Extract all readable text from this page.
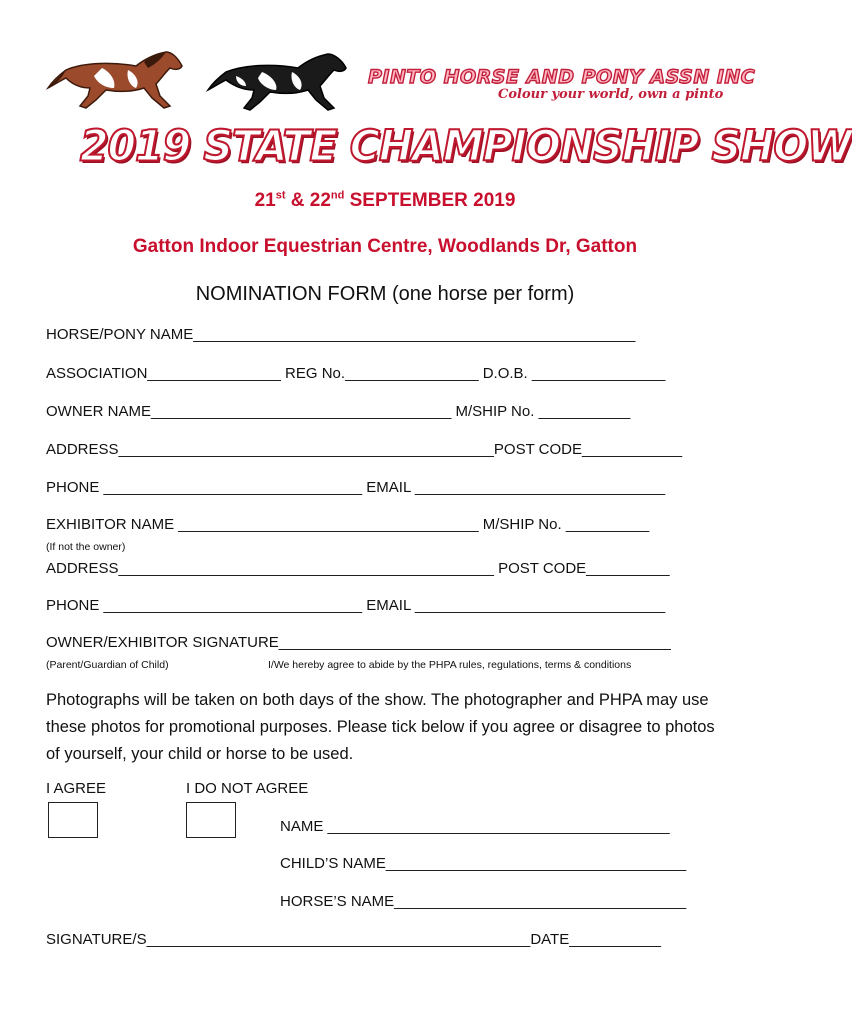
PINTO HORSE AND PONY ASSN INC
Colour your world, own a pinto
2019 STATE CHAMPIONSHIP SHOW
21st & 22nd SEPTEMBER 2019
Gatton Indoor Equestrian Centre, Woodlands Dr, Gatton
NOMINATION FORM (one horse per form)
HORSE/PONY NAME_____________________________________________________
ASSOCIATION________________ REG No.________________ D.O.B. ________________
OWNER NAME____________________________________ M/SHIP No. ___________
ADDRESS_____________________________________________POST CODE____________
PHONE _______________________________ EMAIL ______________________________
EXHIBITOR NAME ____________________________________ M/SHIP No. __________
(If not the owner)
ADDRESS_____________________________________________ POST CODE__________
PHONE _______________________________ EMAIL ______________________________
OWNER/EXHIBITOR SIGNATURE_______________________________________________
(Parent/Guardian of Child)	I/We hereby agree to abide by the PHPA rules, regulations, terms & conditions
Photographs will be taken on both days of the show. The photographer and PHPA may use these photos for promotional purposes. Please tick below if you agree or disagree to photos of yourself, your child or horse to be used.
I AGREE	I DO NOT AGREE
NAME _________________________________________
CHILD’S NAME____________________________________
HORSE’S NAME___________________________________
SIGNATURE/S______________________________________________DATE___________
